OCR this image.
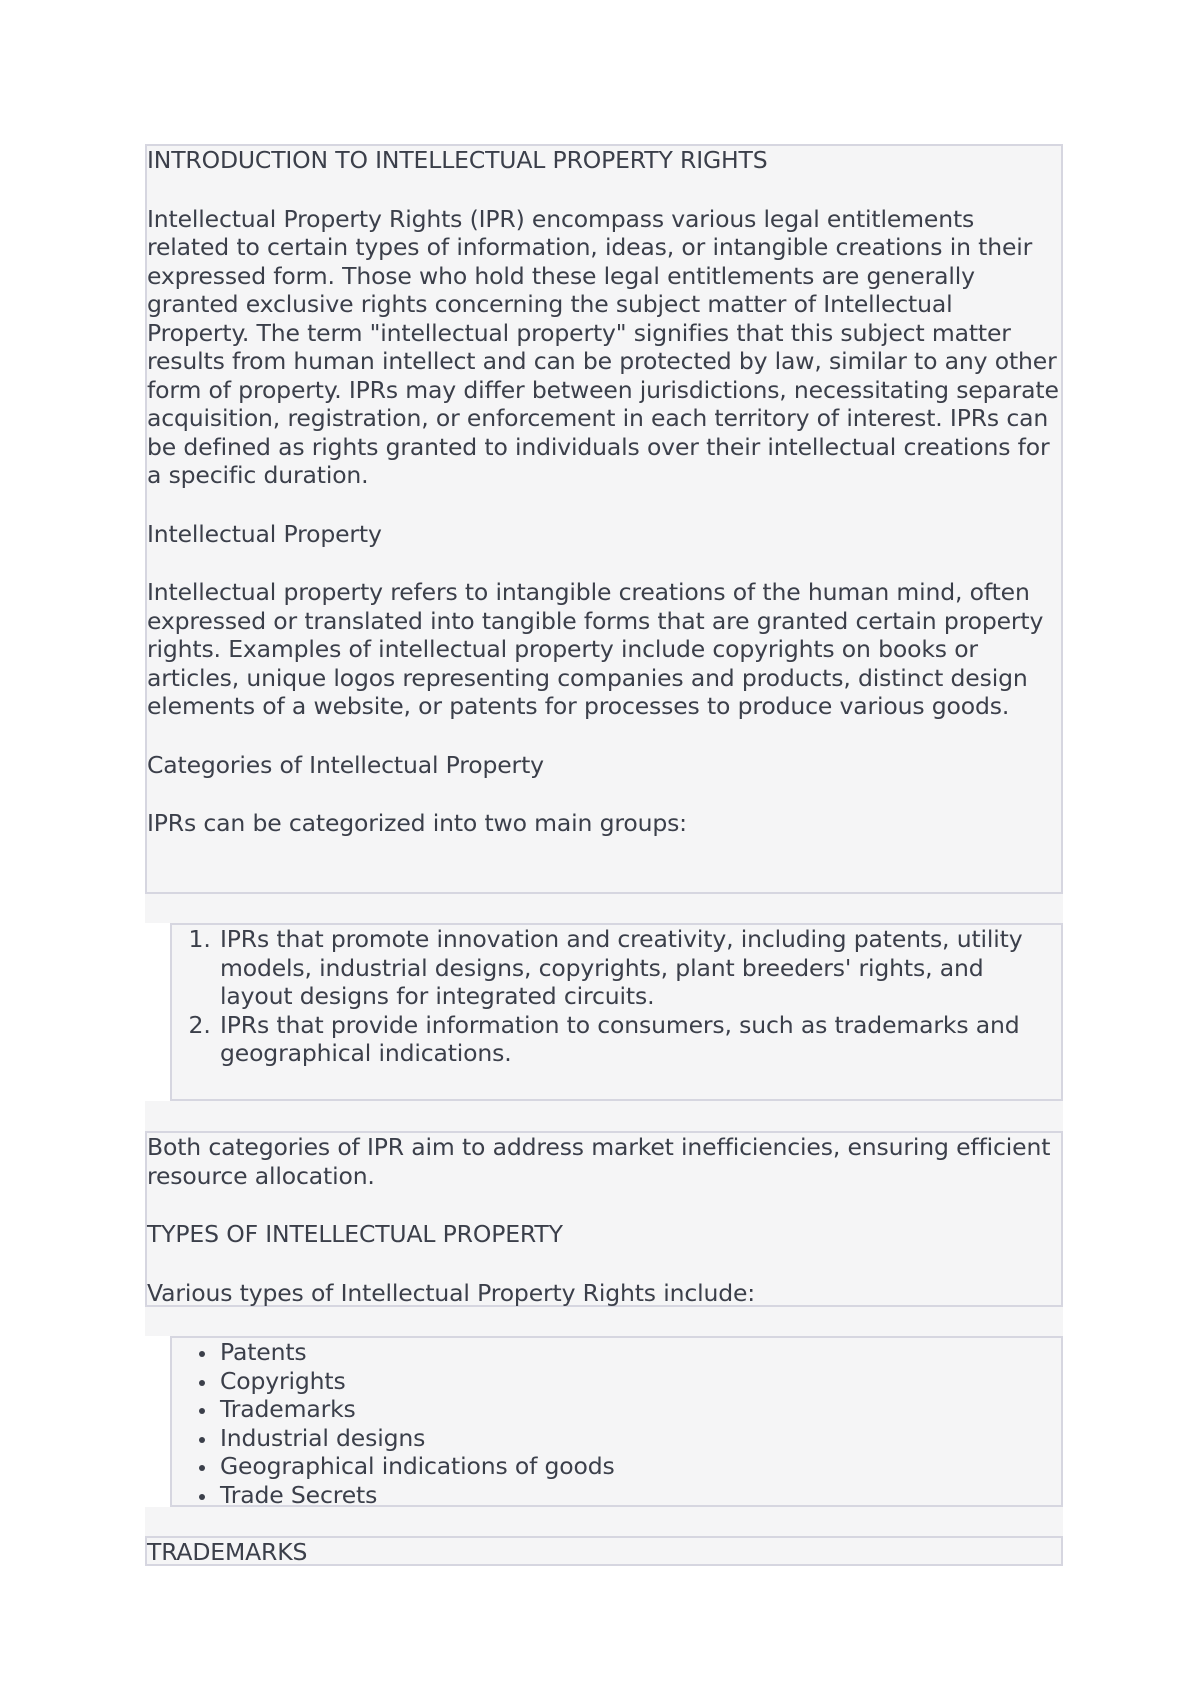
INTRODUCTION TO INTELLECTUAL PROPERTY RIGHTS

Intellectual Property Rights (IPR) encompass various legal entitlements related to certain types of information, ideas, or intangible creations in their expressed form. Those who hold these legal entitlements are generally granted exclusive rights concerning the subject matter of Intellectual Property. The term "intellectual property" signifies that this subject matter results from human intellect and can be protected by law, similar to any other form of property. IPRs may differ between jurisdictions, necessitating separate acquisition, registration, or enforcement in each territory of interest. IPRs can be defined as rights granted to individuals over their intellectual creations for a specific duration.

Intellectual Property

Intellectual property refers to intangible creations of the human mind, often expressed or translated into tangible forms that are granted certain property rights. Examples of intellectual property include copyrights on books or articles, unique logos representing companies and products, distinct design elements of a website, or patents for processes to produce various goods.

Categories of Intellectual Property

IPRs can be categorized into two main groups:

1. IPRs that promote innovation and creativity, including patents, utility models, industrial designs, copyrights, plant breeders' rights, and layout designs for integrated circuits.
2. IPRs that provide information to consumers, such as trademarks and geographical indications.

Both categories of IPR aim to address market inefficiencies, ensuring efficient resource allocation.

TYPES OF INTELLECTUAL PROPERTY

Various types of Intellectual Property Rights include:

• Patents
• Copyrights
• Trademarks
• Industrial designs
• Geographical indications of goods
• Trade Secrets

TRADEMARKS
